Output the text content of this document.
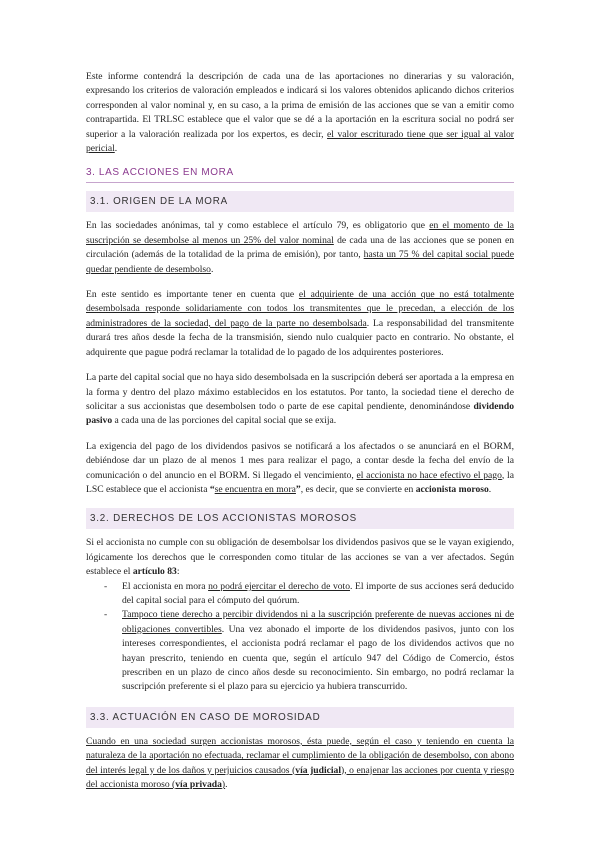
Este informe contendrá la descripción de cada una de las aportaciones no dinerarias y su valoración, expresando los criterios de valoración empleados e indicará si los valores obtenidos aplicando dichos criterios corresponden al valor nominal y, en su caso, a la prima de emisión de las acciones que se van a emitir como contrapartida. El TRLSC establece que el valor que se dé a la aportación en la escritura social no podrá ser superior a la valoración realizada por los expertos, es decir, el valor escriturado tiene que ser igual al valor pericial.

3. LAS ACCIONES EN MORA
3.1. ORIGEN DE LA MORA

En las sociedades anónimas, tal y como establece el artículo 79, es obligatorio que en el momento de la suscripción se desembolse al menos un 25% del valor nominal de cada una de las acciones que se ponen en circulación (además de la totalidad de la prima de emisión), por tanto, hasta un 75 % del capital social puede quedar pendiente de desembolso.

En este sentido es importante tener en cuenta que el adquiriente de una acción que no está totalmente desembolsada responde solidariamente con todos los transmitentes que le precedan, a elección de los administradores de la sociedad, del pago de la parte no desembolsada. La responsabilidad del transmitente durará tres años desde la fecha de la transmisión, siendo nulo cualquier pacto en contrario. No obstante, el adquirente que pague podrá reclamar la totalidad de lo pagado de los adquirentes posteriores.

La parte del capital social que no haya sido desembolsada en la suscripción deberá ser aportada a la empresa en la forma y dentro del plazo máximo establecidos en los estatutos. Por tanto, la sociedad tiene el derecho de solicitar a sus accionistas que desembolsen todo o parte de ese capital pendiente, denominándose dividendo pasivo a cada una de las porciones del capital social que se exija.

La exigencia del pago de los dividendos pasivos se notificará a los afectados o se anunciará en el BORM, debiéndose dar un plazo de al menos 1 mes para realizar el pago, a contar desde la fecha del envío de la comunicación o del anuncio en el BORM. Si llegado el vencimiento, el accionista no hace efectivo el pago, la LSC establece que el accionista “se encuentra en mora”, es decir, que se convierte en accionista moroso.

3.2. DERECHOS DE LOS ACCIONISTAS MOROSOS

Si el accionista no cumple con su obligación de desembolsar los dividendos pasivos que se le vayan exigiendo, lógicamente los derechos que le corresponden como titular de las acciones se van a ver afectados. Según establece el artículo 83:

- El accionista en mora no podrá ejercitar el derecho de voto. El importe de sus acciones será deducido del capital social para el cómputo del quórum.
- Tampoco tiene derecho a percibir dividendos ni a la suscripción preferente de nuevas acciones ni de obligaciones convertibles. Una vez abonado el importe de los dividendos pasivos, junto con los intereses correspondientes, el accionista podrá reclamar el pago de los dividendos activos que no hayan prescrito, teniendo en cuenta que, según el artículo 947 del Código de Comercio, éstos prescriben en un plazo de cinco años desde su reconocimiento. Sin embargo, no podrá reclamar la suscripción preferente si el plazo para su ejercicio ya hubiera transcurrido.
3.3. ACTUACIÓN EN CASO DE MOROSIDAD

Cuando en una sociedad surgen accionistas morosos, ésta puede, según el caso y teniendo en cuenta la naturaleza de la aportación no efectuada, reclamar el cumplimiento de la obligación de desembolso, con abono del interés legal y de los daños y perjuicios causados (vía judicial), o enajenar las acciones por cuenta y riesgo del accionista moroso (vía privada).
